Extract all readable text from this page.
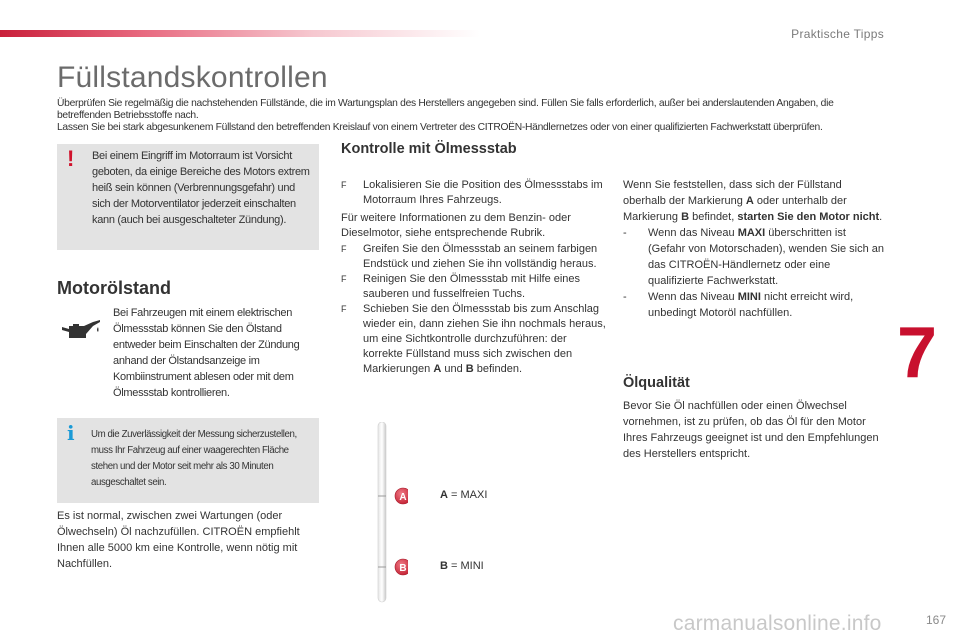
Praktische Tipps
Füllstandskontrollen

Überprüfen Sie regelmäßig die nachstehenden Füllstände, die im Wartungsplan des Herstellers angegeben sind. Füllen Sie falls erforderlich, außer bei anderslautenden Angaben, die betreffenden Betriebsstoffe nach.

Lassen Sie bei stark abgesunkenem Füllstand den betreffenden Kreislauf von einem Vertreter des CITROËN-Händlernetzes oder von einer qualifizierten Fachwerkstatt überprüfen.

! Bei einem Eingriff im Motorraum ist Vorsicht geboten, da einige Bereiche des Motors extrem heiß sein können (Verbrennungsgefahr) und sich der Motorventilator jederzeit einschalten kann (auch bei ausgeschalteter Zündung).

Motorölstand

Bei Fahrzeugen mit einem elektrischen Ölmessstab können Sie den Ölstand entweder beim Einschalten der Zündung anhand der Ölstandsanzeige im Kombiinstrument ablesen oder mit dem Ölmessstab kontrollieren.

i Um die Zuverlässigkeit der Messung sicherzustellen, muss Ihr Fahrzeug auf einer waagerechten Fläche stehen und der Motor seit mehr als 30 Minuten ausgeschaltet sein.

Es ist normal, zwischen zwei Wartungen (oder Ölwechseln) Öl nachzufüllen. CITROËN empfiehlt Ihnen alle 5000 km eine Kontrolle, wenn nötig mit Nachfüllen.

Kontrolle mit Ölmessstab
F Lokalisieren Sie die Position des Ölmessstabs im Motorraum Ihres Fahrzeugs.

Für weitere Informationen zu dem Benzin- oder Dieselmotor, siehe entsprechende Rubrik.

F Greifen Sie den Ölmessstab an seinem farbigen Endstück und ziehen Sie ihn vollständig heraus.
F Reinigen Sie den Ölmessstab mit Hilfe eines sauberen und fusselfreien Tuchs.
F Schieben Sie den Ölmessstab bis zum Anschlag wieder ein, dann ziehen Sie ihn nochmals heraus, um eine Sichtkontrolle durchzuführen: der korrekte Füllstand muss sich zwischen den Markierungen A und B befinden.
A
B
A = MAXI
B = MINI

Wenn Sie feststellen, dass sich der Füllstand oberhalb der Markierung A oder unterhalb der Markierung B befindet, starten Sie den Motor nicht.

- Wenn das Niveau MAXI überschritten ist (Gefahr von Motorschaden), wenden Sie sich an das CITROËN-Händlernetz oder eine qualifizierte Fachwerkstatt.
- Wenn das Niveau MINI nicht erreicht wird, unbedingt Motoröl nachfüllen.
Ölqualität

Bevor Sie Öl nachfüllen oder einen Ölwechsel vornehmen, ist zu prüfen, ob das Öl für den Motor Ihres Fahrzeugs geeignet ist und den Empfehlungen des Herstellers entspricht.

7
carmanualsonline.info	167
